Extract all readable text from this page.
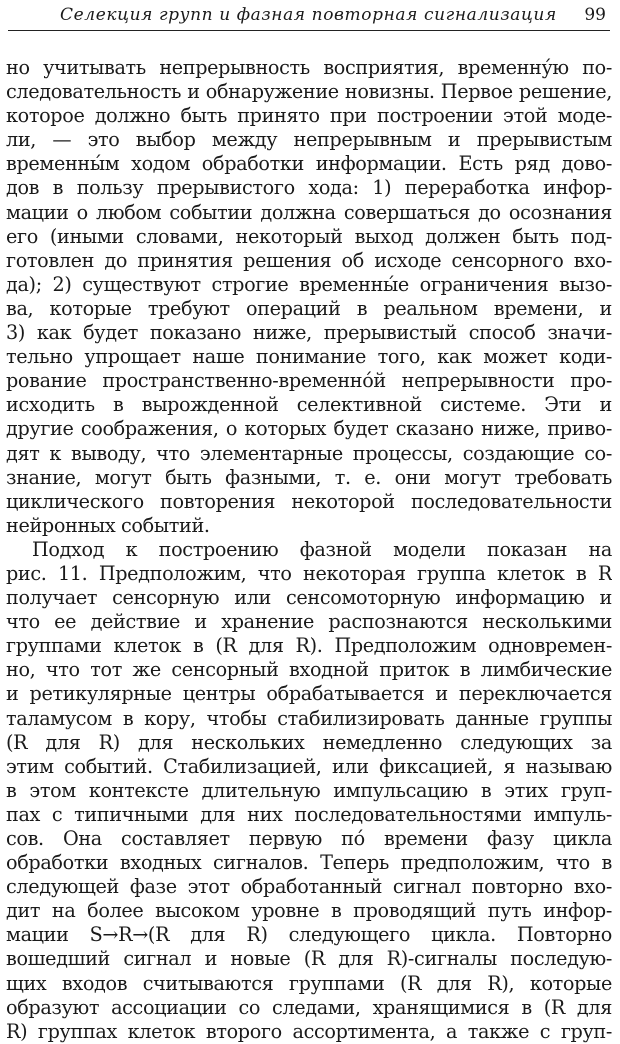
Селекция групп и фазная повторная сигнализация 99
но учитывать непрерывность восприятия, временну́ю по-
следовательность и обнаружение новизны. Первое решение,
которое должно быть принято при построении этой моде-
ли, — это выбор между непрерывным и прерывистым
временны́м ходом обработки информации. Есть ряд дово-
дов в пользу прерывистого хода: 1) переработка инфор-
мации о любом событии должна совершаться до осознания
его (иными словами, некоторый выход должен быть под-
готовлен до принятия решения об исходе сенсорного вхо-
да); 2) существуют строгие временны́е ограничения вызо-
ва, которые требуют операций в реальном времени, и
3) как будет показано ниже, прерывистый способ значи-
тельно упрощает наше понимание того, как может коди-
рование пространственно-временно́й непрерывности про-
исходить в вырожденной селективной системе. Эти и
другие соображения, о которых будет сказано ниже, приво-
дят к выводу, что элементарные процессы, создающие со-
знание, могут быть фазными, т. е. они могут требовать
циклического повторения некоторой последовательности
нейронных событий.
Подход к построению фазной модели показан на
рис. 11. Предположим, что некоторая группа клеток в R
получает сенсорную или сенсомоторную информацию и
что ее действие и хранение распознаются несколькими
группами клеток в (R для R). Предположим одновремен-
но, что тот же сенсорный входной приток в лимбические
и ретикулярные центры обрабатывается и переключается
таламусом в кору, чтобы стабилизировать данные группы
(R для R) для нескольких немедленно следующих за
этим событий. Стабилизацией, или фиксацией, я называю
в этом контексте длительную импульсацию в этих груп-
пах с типичными для них последовательностями импуль-
сов. Она составляет первую по́ времени фазу цикла
обработки входных сигналов. Теперь предположим, что в
следующей фазе этот обработанный сигнал повторно вхо-
дит на более высоком уровне в проводящий путь инфор-
мации S→R→(R для R) следующего цикла. Повторно
вошедший сигнал и новые (R для R)-сигналы последую-
щих входов считываются группами (R для R), которые
образуют ассоциации со следами, хранящимися в (R для
R) группах клеток второго ассортимента, а также с груп-
